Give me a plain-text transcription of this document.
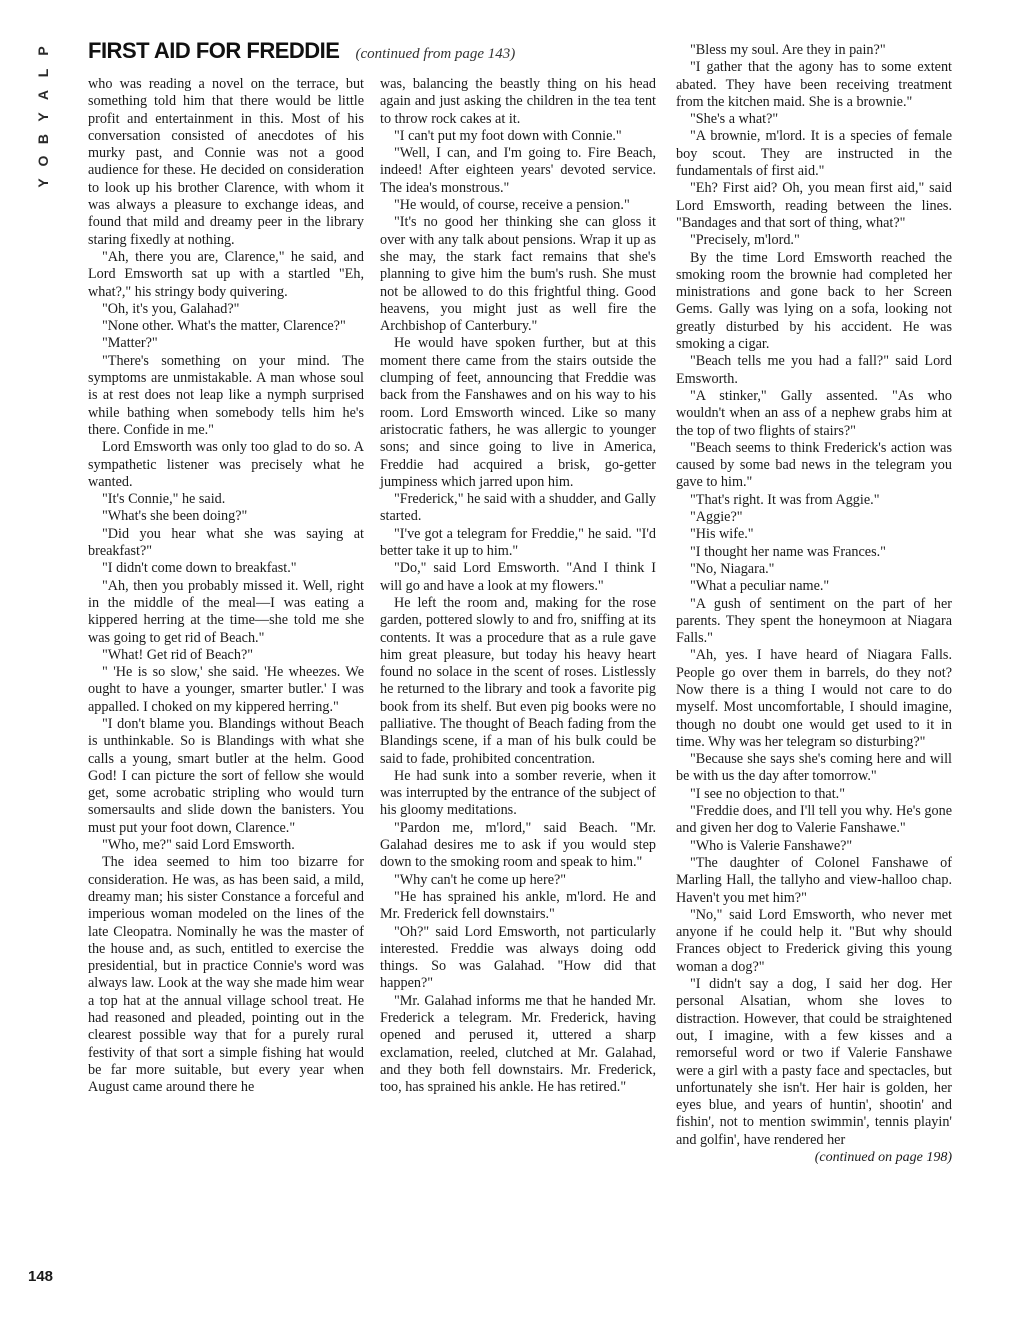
P
L
A
Y
B
O
Y
FIRST AID FOR FREDDIE (continued from page 143)

who was reading a novel on the terrace, but something told him that there would be little profit and entertainment in this. Most of his conversation consisted of anecdotes of his murky past, and Connie was not a good audience for these. He decided on consideration to look up his brother Clarence, with whom it was always a pleasure to exchange ideas, and found that mild and dreamy peer in the library staring fixedly at nothing.

"Ah, there you are, Clarence," he said, and Lord Emsworth sat up with a startled "Eh, what?," his stringy body quivering.

"Oh, it's you, Galahad?"

"None other. What's the matter, Clarence?"

"Matter?"

"There's something on your mind. The symptoms are unmistakable. A man whose soul is at rest does not leap like a nymph surprised while bathing when somebody tells him he's there. Confide in me."

Lord Emsworth was only too glad to do so. A sympathetic listener was precisely what he wanted.

"It's Connie," he said.

"What's she been doing?"

"Did you hear what she was saying at breakfast?"

"I didn't come down to breakfast."

"Ah, then you probably missed it. Well, right in the middle of the meal—I was eating a kippered herring at the time—she told me she was going to get rid of Beach."

"What! Get rid of Beach?"

" 'He is so slow,' she said. 'He wheezes. We ought to have a younger, smarter butler.' I was appalled. I choked on my kippered herring."

"I don't blame you. Blandings without Beach is unthinkable. So is Blandings with what she calls a young, smart butler at the helm. Good God! I can picture the sort of fellow she would get, some acrobatic stripling who would turn somersaults and slide down the banisters. You must put your foot down, Clarence."

"Who, me?" said Lord Emsworth.

The idea seemed to him too bizarre for consideration. He was, as has been said, a mild, dreamy man; his sister Constance a forceful and imperious woman modeled on the lines of the late Cleopatra. Nominally he was the master of the house and, as such, entitled to exercise the presidential, but in practice Connie's word was always law. Look at the way she made him wear a top hat at the annual village school treat. He had reasoned and pleaded, pointing out in the clearest possible way that for a purely rural festivity of that sort a simple fishing hat would be far more suitable, but every year when August came around there he

was, balancing the beastly thing on his head again and just asking the children in the tea tent to throw rock cakes at it.

"I can't put my foot down with Connie."

"Well, I can, and I'm going to. Fire Beach, indeed! After eighteen years' devoted service. The idea's monstrous."

"He would, of course, receive a pension."

"It's no good her thinking she can gloss it over with any talk about pensions. Wrap it up as she may, the stark fact remains that she's planning to give him the bum's rush. She must not be allowed to do this frightful thing. Good heavens, you might just as well fire the Archbishop of Canterbury."

He would have spoken further, but at this moment there came from the stairs outside the clumping of feet, announcing that Freddie was back from the Fanshawes and on his way to his room. Lord Emsworth winced. Like so many aristocratic fathers, he was allergic to younger sons; and since going to live in America, Freddie had acquired a brisk, go-getter jumpiness which jarred upon him.

"Frederick," he said with a shudder, and Gally started.

"I've got a telegram for Freddie," he said. "I'd better take it up to him."

"Do," said Lord Emsworth. "And I think I will go and have a look at my flowers."

He left the room and, making for the rose garden, pottered slowly to and fro, sniffing at its contents. It was a procedure that as a rule gave him great pleasure, but today his heavy heart found no solace in the scent of roses. Listlessly he returned to the library and took a favorite pig book from its shelf. But even pig books were no palliative. The thought of Beach fading from the Blandings scene, if a man of his bulk could be said to fade, prohibited concentration.

He had sunk into a somber reverie, when it was interrupted by the entrance of the subject of his gloomy meditations.

"Pardon me, m'lord," said Beach. "Mr. Galahad desires me to ask if you would step down to the smoking room and speak to him."

"Why can't he come up here?"

"He has sprained his ankle, m'lord. He and Mr. Frederick fell downstairs."

"Oh?" said Lord Emsworth, not particularly interested. Freddie was always doing odd things. So was Galahad. "How did that happen?"

"Mr. Galahad informs me that he handed Mr. Frederick a telegram. Mr. Frederick, having opened and perused it, uttered a sharp exclamation, reeled, clutched at Mr. Galahad, and they both fell downstairs. Mr. Frederick, too, has sprained his ankle. He has retired."

"Bless my soul. Are they in pain?"

"I gather that the agony has to some extent abated. They have been receiving treatment from the kitchen maid. She is a brownie."

"She's a what?"

"A brownie, m'lord. It is a species of female boy scout. They are instructed in the fundamentals of first aid."

"Eh? First aid? Oh, you mean first aid," said Lord Emsworth, reading between the lines. "Bandages and that sort of thing, what?"

"Precisely, m'lord."

By the time Lord Emsworth reached the smoking room the brownie had completed her ministrations and gone back to her Screen Gems. Gally was lying on a sofa, looking not greatly disturbed by his accident. He was smoking a cigar.

"Beach tells me you had a fall?" said Lord Emsworth.

"A stinker," Gally assented. "As who wouldn't when an ass of a nephew grabs him at the top of two flights of stairs?"

"Beach seems to think Frederick's action was caused by some bad news in the telegram you gave to him."

"That's right. It was from Aggie."

"Aggie?"

"His wife."

"I thought her name was Frances."

"No, Niagara."

"What a peculiar name."

"A gush of sentiment on the part of her parents. They spent the honeymoon at Niagara Falls."

"Ah, yes. I have heard of Niagara Falls. People go over them in barrels, do they not? Now there is a thing I would not care to do myself. Most uncomfortable, I should imagine, though no doubt one would get used to it in time. Why was her telegram so disturbing?"

"Because she says she's coming here and will be with us the day after tomorrow."

"I see no objection to that."

"Freddie does, and I'll tell you why. He's gone and given her dog to Valerie Fanshawe."

"Who is Valerie Fanshawe?"

"The daughter of Colonel Fanshawe of Marling Hall, the tallyho and view-halloo chap. Haven't you met him?"

"No," said Lord Emsworth, who never met anyone if he could help it. "But why should Frances object to Frederick giving this young woman a dog?"

"I didn't say a dog, I said her dog. Her personal Alsatian, whom she loves to distraction. However, that could be straightened out, I imagine, with a few kisses and a remorseful word or two if Valerie Fanshawe were a girl with a pasty face and spectacles, but unfortunately she isn't. Her hair is golden, her eyes blue, and years of huntin', shootin' and fishin', not to mention swimmin', tennis playin' and golfin', have rendered her

(continued on page 198)
148
